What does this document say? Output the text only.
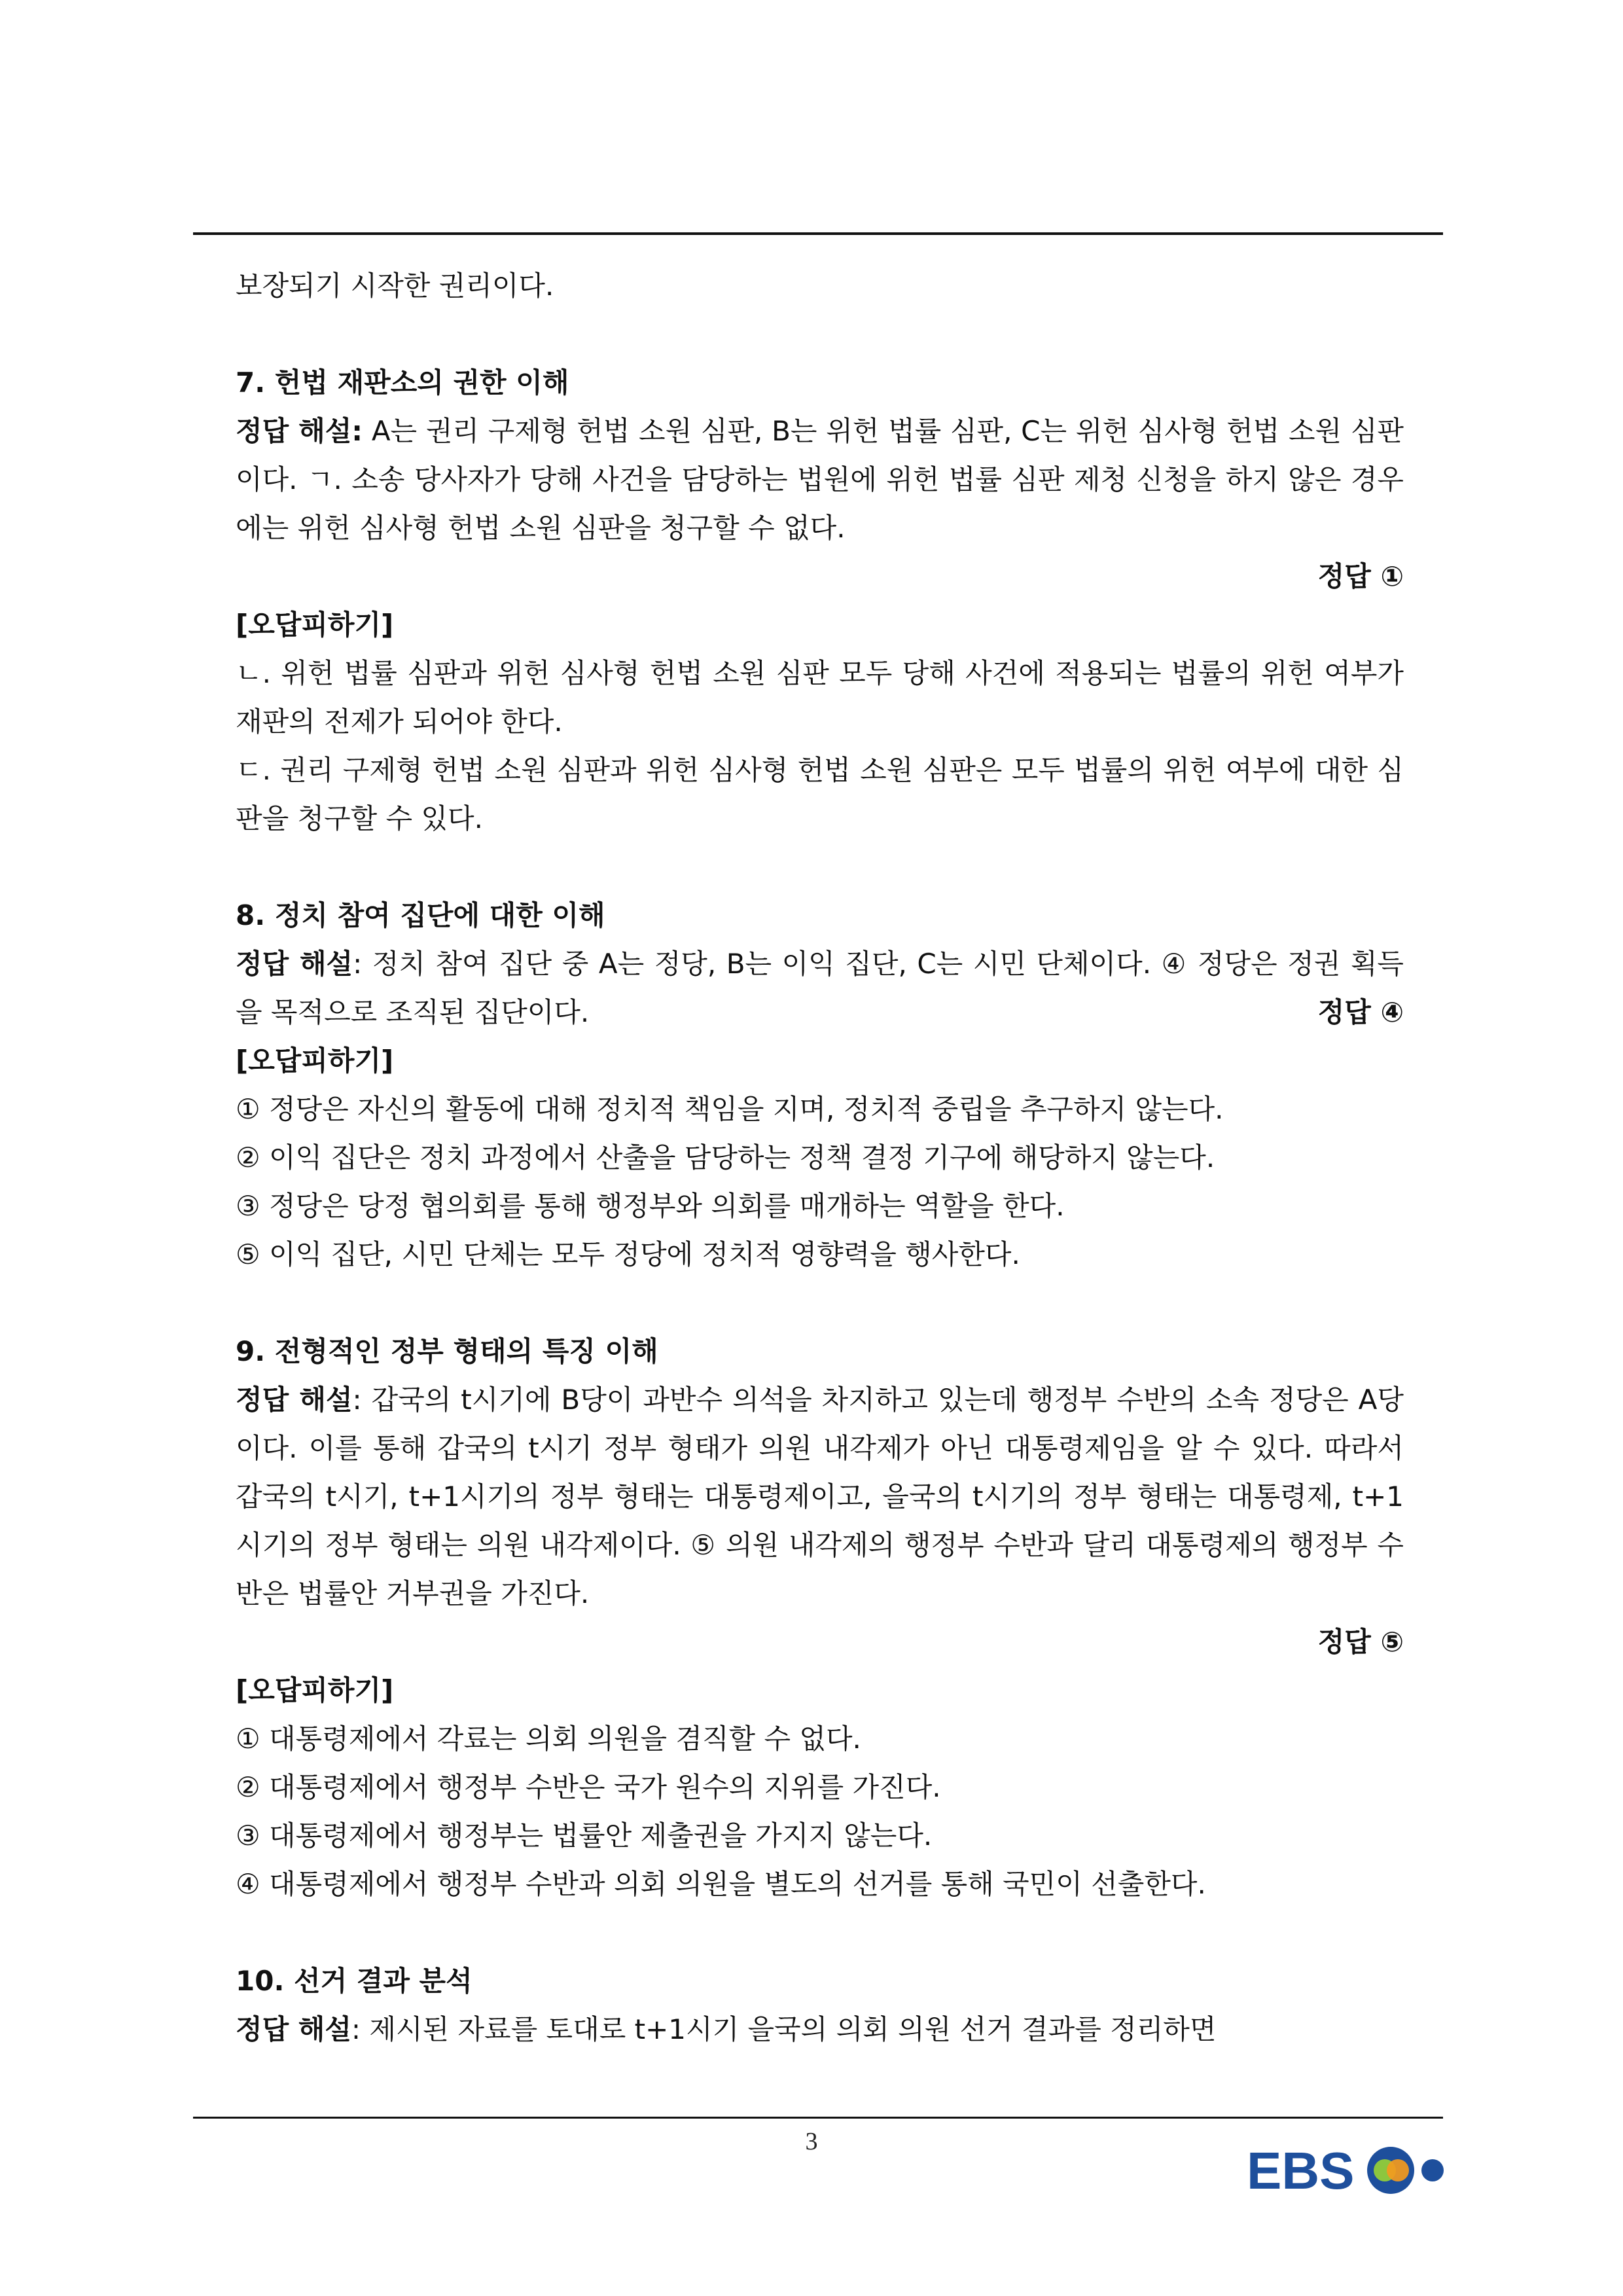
보장되기 시작한 권리이다.

7. 헌법 재판소의 권한 이해

정답 해설: A는 권리 구제형 헌법 소원 심판, B는 위헌 법률 심판, C는 위헌 심사형 헌법 소원 심판이다. ㄱ. 소송 당사자가 당해 사건을 담당하는 법원에 위헌 법률 심판 제청 신청을 하지 않은 경우에는 위헌 심사형 헌법 소원 심판을 청구할 수 없다.

정답 ①

[오답피하기]

ㄴ. 위헌 법률 심판과 위헌 심사형 헌법 소원 심판 모두 당해 사건에 적용되는 법률의 위헌 여부가 재판의 전제가 되어야 한다.

ㄷ. 권리 구제형 헌법 소원 심판과 위헌 심사형 헌법 소원 심판은 모두 법률의 위헌 여부에 대한 심판을 청구할 수 있다.

8. 정치 참여 집단에 대한 이해

정답 해설: 정치 참여 집단 중 A는 정당, B는 이익 집단, C는 시민 단체이다. ④ 정당은 정권 획득을 목적으로 조직된 집단이다.	정답 ④

[오답피하기]

① 정당은 자신의 활동에 대해 정치적 책임을 지며, 정치적 중립을 추구하지 않는다.

② 이익 집단은 정치 과정에서 산출을 담당하는 정책 결정 기구에 해당하지 않는다.

③ 정당은 당정 협의회를 통해 행정부와 의회를 매개하는 역할을 한다.

⑤ 이익 집단, 시민 단체는 모두 정당에 정치적 영향력을 행사한다.

9. 전형적인 정부 형태의 특징 이해

정답 해설: 갑국의 t시기에 B당이 과반수 의석을 차지하고 있는데 행정부 수반의 소속 정당은 A당이다. 이를 통해 갑국의 t시기 정부 형태가 의원 내각제가 아닌 대통령제임을 알 수 있다. 따라서 갑국의 t시기, t+1시기의 정부 형태는 대통령제이고, 을국의 t시기의 정부 형태는 대통령제, t+1시기의 정부 형태는 의원 내각제이다. ⑤ 의원 내각제의 행정부 수반과 달리 대통령제의 행정부 수반은 법률안 거부권을 가진다.

정답 ⑤

[오답피하기]

① 대통령제에서 각료는 의회 의원을 겸직할 수 없다.

② 대통령제에서 행정부 수반은 국가 원수의 지위를 가진다.

③ 대통령제에서 행정부는 법률안 제출권을 가지지 않는다.

④ 대통령제에서 행정부 수반과 의회 의원을 별도의 선거를 통해 국민이 선출한다.

10. 선거 결과 분석

정답 해설: 제시된 자료를 토대로 t+1시기 을국의 의회 의원 선거 결과를 정리하면

3	EBS
